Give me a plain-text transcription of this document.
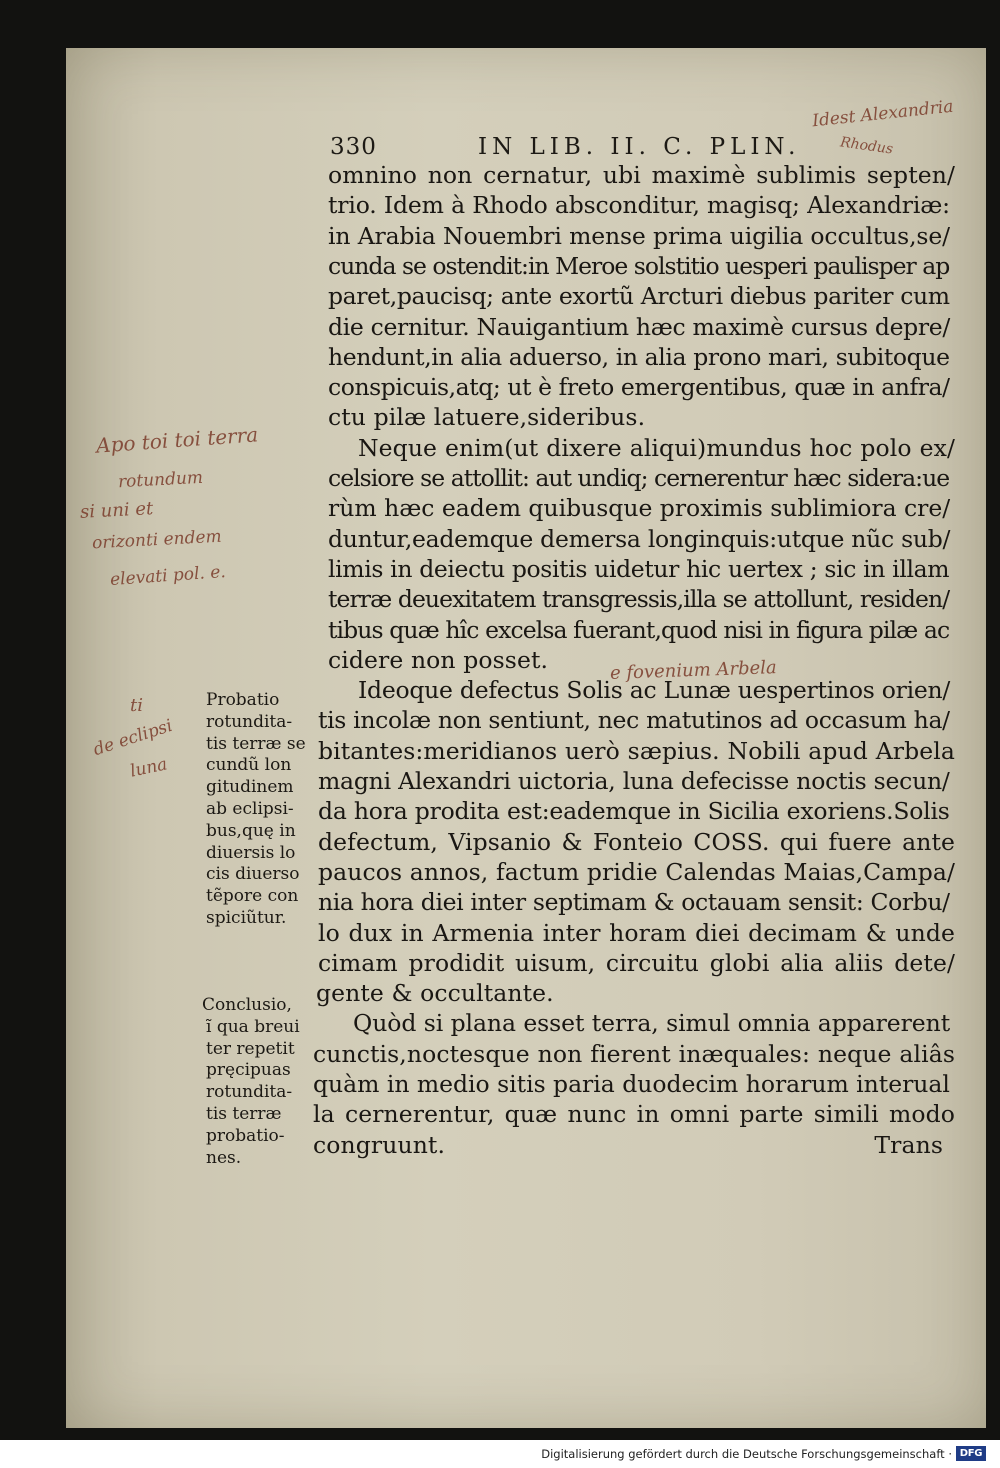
330	IN LIB. II. C. PLIN.
omnino non cernatur, ubi maximè sublimis septen/
trio. Idem à Rhodo absconditur, magisq; Alexandriæ:
in Arabia Nouembri mense prima uigilia occultus,se/
cunda se ostendit:in Meroe solstitio uesperi paulisper ap
paret,paucisq; ante exortũ Arcturi diebus pariter cum
die cernitur. Nauigantium hæc maximè cursus depre/
hendunt,in alia aduerso, in alia prono mari, subitoque
conspicuis,atq; ut è freto emergentibus, quæ in anfra/
ctu pilæ latuere,sideribus.
Neque enim(ut dixere aliqui)mundus hoc polo ex/
celsiore se attollit: aut undiq; cernerentur hæc sidera:ue
rùm hæc eadem quibusque proximis sublimiora cre/
duntur,eademque demersa longinquis:utque nũc sub/
limis in deiectu positis uidetur hic uertex ; sic in illam
terræ deuexitatem transgressis,illa se attollunt, residen/
tibus quæ hîc excelsa fuerant,quod nisi in figura pilæ ac
cidere non posset.
Ideoque defectus Solis ac Lunæ uespertinos orien/
tis incolæ non sentiunt, nec matutinos ad occasum ha/
bitantes:meridianos uerò sæpius. Nobili apud Arbela
magni Alexandri uictoria, luna defecisse noctis secun/
da hora prodita est:eademque in Sicilia exoriens.Solis
defectum, Vipsanio & Fonteio COSS. qui fuere ante
paucos annos, factum pridie Calendas Maias,Campa/
nia hora diei inter septimam & octauam sensit: Corbu/
lo dux in Armenia inter horam diei decimam & unde
cimam prodidit uisum, circuitu globi alia aliis dete/
gente & occultante.
Quòd si plana esset terra, simul omnia apparerent
cunctis,noctesque non fierent inæquales: neque aliâs
quàm in medio sitis paria duodecim horarum interual
la cernerentur, quæ nunc in omni parte simili modo
congruunt.	Trans
Probatio
rotundita-
tis terræ se
cundũ lon
gitudinem
ab eclipsi-
bus,quę in
diuersis lo
cis diuerso
tẽpore con
spiciũtur.
Conclusio,
ĩ qua breui
ter repetit
pręcipuas
rotundita-
tis terræ
probatio-
nes.
Idest Alexandria
Rhodus
Apo toi toi terra
rotundum
si uni et
orizonti endem
elevati pol. e.
ti
de eclipsi
luna
e fovenium Arbela
Digitalisierung gefördert durch die Deutsche Forschungsgemeinschaft · DFG
